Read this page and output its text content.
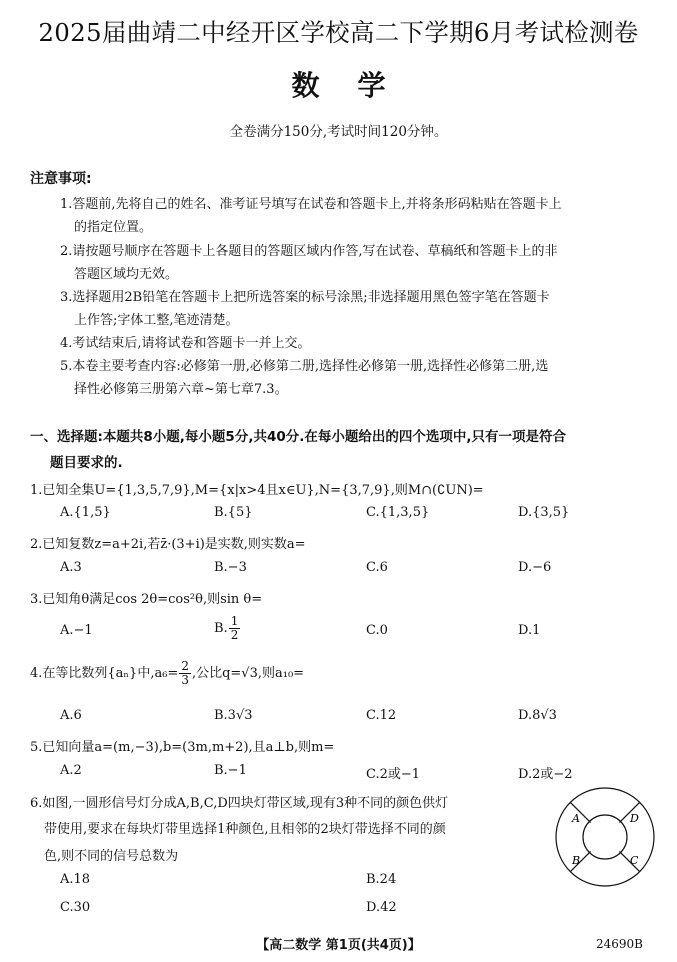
2025届曲靖二中经开区学校高二下学期6月考试检测卷
数学
全卷满分150分,考试时间120分钟。
注意事项:
1.答题前,先将自己的姓名、准考证号填写在试卷和答题卡上,并将条形码粘贴在答题卡上
的指定位置。
2.请按题号顺序在答题卡上各题目的答题区域内作答,写在试卷、草稿纸和答题卡上的非
答题区域均无效。
3.选择题用2B铅笔在答题卡上把所选答案的标号涂黑;非选择题用黑色签字笔在答题卡
上作答;字体工整,笔迹清楚。
4.考试结束后,请将试卷和答题卡一并上交。
5.本卷主要考查内容:必修第一册,必修第二册,选择性必修第一册,选择性必修第二册,选
择性必修第三册第六章~第七章7.3。
一、选择题:本题共8小题,每小题5分,共40分.在每小题给出的四个选项中,只有一项是符合
题目要求的.
1.已知全集U={1,3,5,7,9},M={x|x>4且x∈U},N={3,7,9},则M∩(∁UN)=
A.{1,5}	B.{5}	C.{1,3,5}	D.{3,5}
2.已知复数z=a+2i,若z̄·(3+i)是实数,则实数a=
A.3	B.−3	C.6	D.−6
3.已知角θ满足cos 2θ=cos²θ,则sin θ=
A.−1	B. $\frac{1}{2}$	C.0	D.1
4.在等比数列{aₙ}中$,a_6= \frac{2}{3}$ ,公比q=√3,则a₁₀=
A.6	B.3√3	C.12	D.8√3
5.已知向量a=(m,−3),b=(3m,m+2),且a⊥b,则m=
A.2	B.−1	C.2或−1	D.2或−2
6.如图,一圆形信号灯分成A,B,C,D四块灯带区域,现有3种不同的颜色供灯
带使用,要求在每块灯带里选择1种颜色,且相邻的2块灯带选择不同的颜
色,则不同的信号总数为
A.18	B.24
C.30	D.42
A	D
B	C
【高二数学 第1页(共4页)】	24690B
